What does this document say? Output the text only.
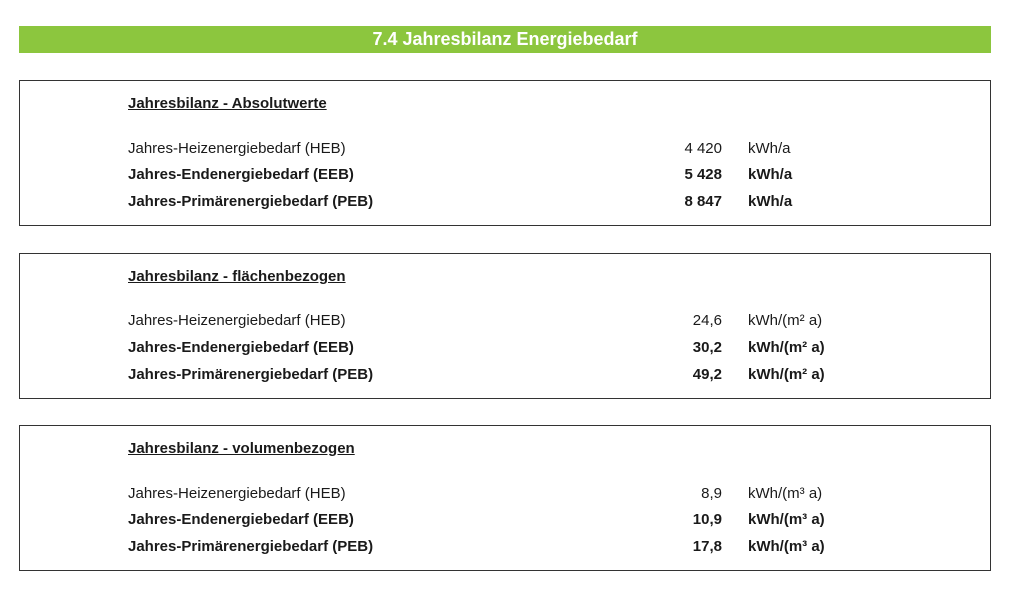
7.4 Jahresbilanz Energiebedarf
Jahresbilanz - Absolutwerte
Jahres-Heizenergiebedarf (HEB)	4 420 kWh/a
Jahres-Endenergiebedarf (EEB)	5 428 kWh/a
Jahres-Primärenergiebedarf (PEB)	8 847 kWh/a
Jahresbilanz - flächenbezogen
Jahres-Heizenergiebedarf (HEB)	24,6 kWh/(m² a)
Jahres-Endenergiebedarf (EEB)	30,2 kWh/(m² a)
Jahres-Primärenergiebedarf (PEB)	49,2 kWh/(m² a)
Jahresbilanz - volumenbezogen
Jahres-Heizenergiebedarf (HEB)	8,9 kWh/(m³ a)
Jahres-Endenergiebedarf (EEB)	10,9 kWh/(m³ a)
Jahres-Primärenergiebedarf (PEB)	17,8 kWh/(m³ a)
